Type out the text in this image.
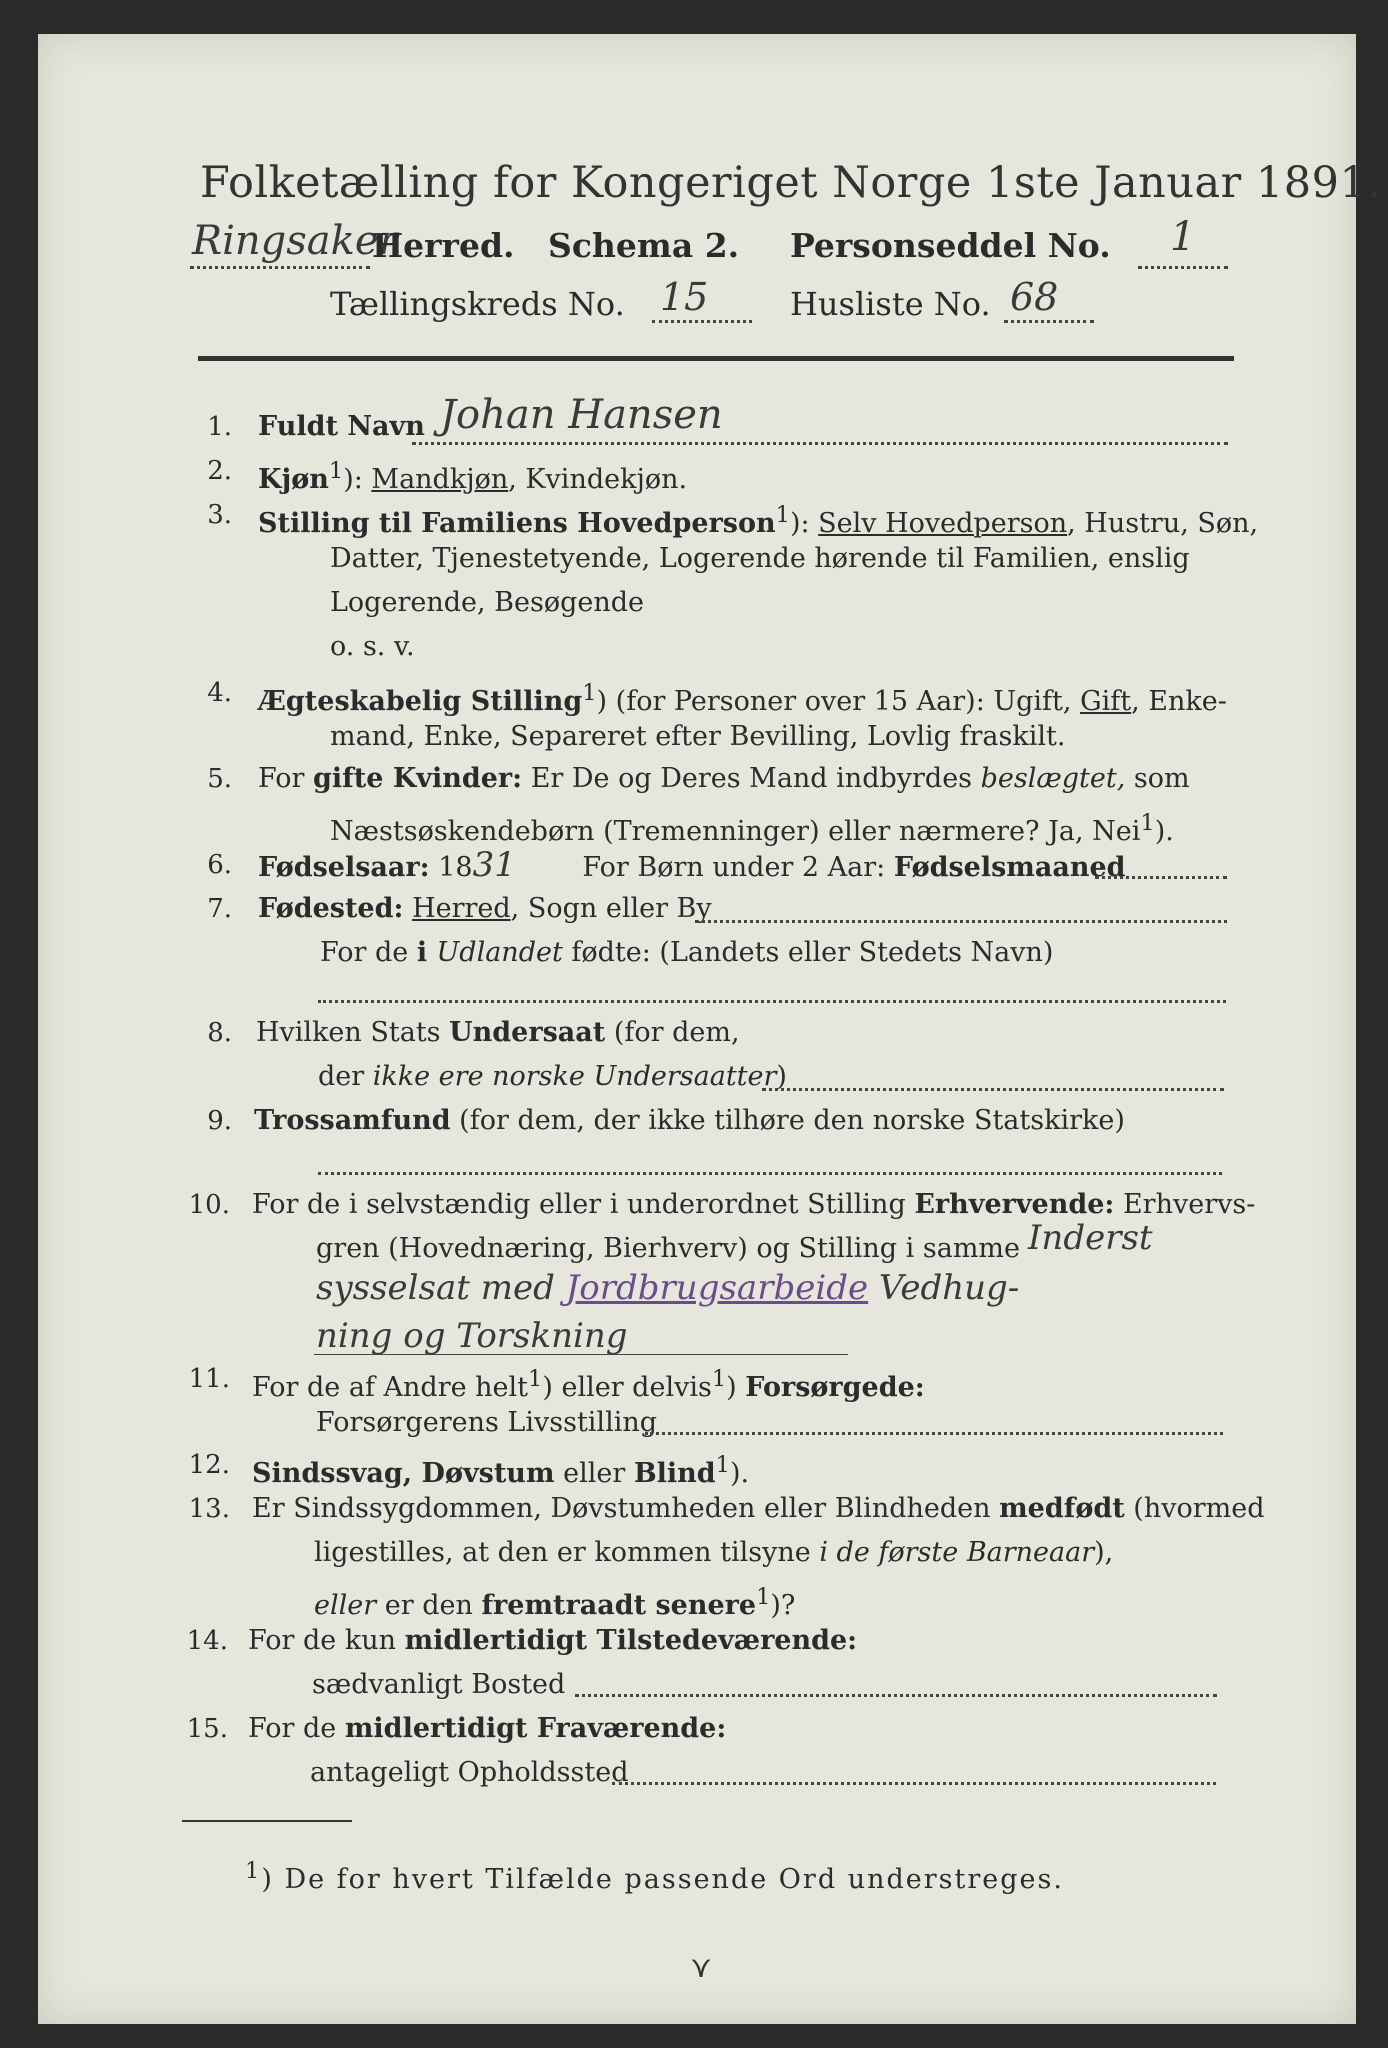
Folketælling for Kongeriget Norge 1ste Januar 1891.
Ringsaker
Herred. Schema 2. Personseddel No. 1
Tællingskreds No. 15	Husliste No. 68
1. Fuldt Navn Johan Hansen
2. Kjøn$^1$): Mandkjøn, Kvindekjøn.
3. Stilling til Familiens Hovedperson$^1$): Selv Hovedperson, Hustru, Søn,
Datter, Tjenestetyende, Logerende hørende til Familien, enslig
Logerende, Besøgende
o. s. v.
4. Ægteskabelig Stilling$^1$) (for Personer over 15 Aar): Ugift, Gift, Enke-
mand, Enke, Separeret efter Bevilling, Lovlig fraskilt.
5. For gifte Kvinder: Er De og Deres Mand indbyrdes beslægtet, som
Næstsøskendebørn (Tremenninger) eller nærmere? Ja, Nei$^1$).
6. Fødselsaar: 1831 For Børn under 2 Aar: Fødselsmaaned
7. Fødested: Herred, Sogn eller By
For de i Udlandet fødte: (Landets eller Stedets Navn)
8. Hvilken Stats Undersaat (for dem,
der ikke ere norske Undersaatter)
9. Trossamfund (for dem, der ikke tilhøre den norske Statskirke)
10. For de i selvstændig eller i underordnet Stilling Erhvervende: Erhvervs-
gren (Hovednæring, Bierhverv) og Stilling i samme Inderst
sysselsat med Jordbrugsarbeide Vedhug-
ning og Torskning
11. For de af Andre helt$^1$) eller delvis$^1$) Forsørgede:
Forsørgerens Livsstilling
12. Sindssvag, Døvstum eller Blind$^1$).
13. Er Sindssygdommen, Døvstumheden eller Blindheden medfødt (hvormed
ligestilles, at den er kommen tilsyne i de første Barneaar),
eller er den fremtraadt senere$^1$)?
14. For de kun midlertidigt Tilstedeværende:
sædvanligt Bosted
15. For de midlertidigt Fraværende:
antageligt Opholdssted
$^1$) De for hvert Tilfælde passende Ord understreges.
⋎
